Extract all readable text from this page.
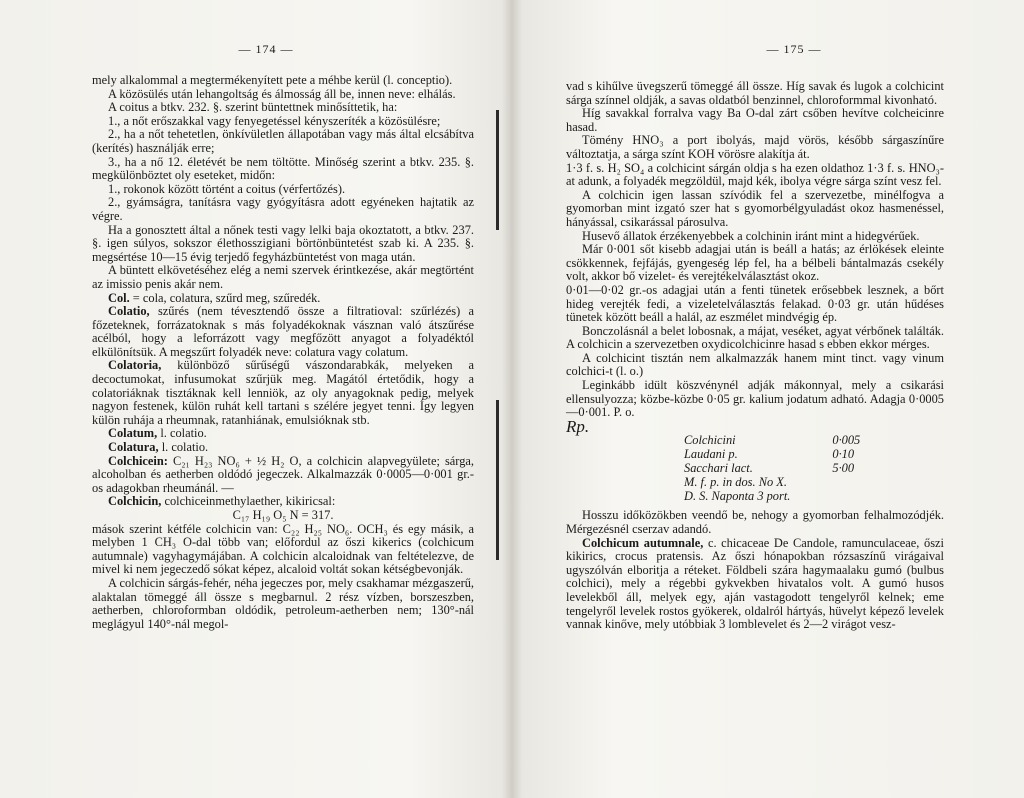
— 174 —

mely alkalommal a megtermékenyített pete a méhbe kerül (l. conceptio).

A közösülés után lehangoltság és álmosság áll be, innen neve: elhálás.

A coitus a btkv. 232. §. szerint büntettnek minősíttetik, ha:

1., a nőt erőszakkal vagy fenyegetéssel kényszeríték a közösülésre;

2., ha a nőt tehetetlen, önkívületlen állapotában vagy más által elcsábítva (kerítés) használják erre;

3., ha a nő 12. életévét be nem töltötte. Minőség szerint a btkv. 235. §. megkülönböztet oly eseteket, midőn:

1., rokonok között történt a coitus (vérfertőzés).

2., gyámságra, tanításra vagy gyógyításra adott egyéneken hajtatik az végre.

Ha a gonosztett által a nőnek testi vagy lelki baja okoztatott, a btkv. 237. §. igen súlyos, sokszor élethosszigiani börtönbüntetést szab ki. A 235. §. megsértése 10—15 évig terjedő fegyházbüntetést von maga után.

A büntett elkövetéséhez elég a nemi szervek érintkezése, akár megtörtént az imissio penis akár nem.

Col. = cola, colatura, szűrd meg, szűredék.

Colatio, szűrés (nem tévesztendő össze a filtratioval: szűrlézés) a főzeteknek, forrázatoknak s más folyadékoknak vásznan való átszűrése acélból, hogy a leforrázott vagy megfőzött anyagot a folyadéktól elkülönítsük. A megszűrt folyadék neve: colatura vagy colatum.

Colatoria, különböző sűrűségű vászondarabkák, melyeken a decoctumokat, infusumokat szűrjük meg. Magától értetődik, hogy a colatoriáknak tisztáknak kell lenniök, az oly anyagoknak pedig, melyek nagyon festenek, külön ruhát kell tartani s szélére jegyet tenni. Így legyen külön ruhája a rheumnak, ratanhiának, emulsióknak stb.

Colatum, l. colatio.

Colatura, l. colatio.

Colchicein: C₂₁ H₂₃ NO₆ + ½ H₂ O, a colchicin alapvegyülete; sárga, alcoholban és aetherben oldódó jegeczek. Alkalmazzák 0·0005—0·001 gr.-os adagokban rheumánál. —

Colchicin, colchiceinmethylaether, kikiricsal:

C₁₇ H₁₉ O₅ N = 317.

mások szerint kétféle colchicin van: C₂₂ H₂₅ NO₆. OCH₃ és egy másik, a melyben 1 CH₃ O-dal több van; előfordul az őszi kikerics (colchicum autumnale) vagyhagymájában. A colchicin alcaloidnak van feltételezve, de mivel ki nem jegeczedő sókat képez, alcaloid voltát sokan kétségbevonják.

A colchicin sárgás-fehér, néha jegeczes por, mely csakhamar mézgaszerű, alaktalan tömeggé áll össze s megbarnul. 2 rész vízben, borszeszben, aetherben, chloroformban oldódik, petroleum-aetherben nem; 130°-nál meglágyul 140°-nál megol-

— 175 —

vad s kihűlve üvegszerű tömeggé áll össze. Híg savak és lugok a colchicint sárga színnel oldják, a savas oldatból benzinnel, chloroformmal kivonható.

Híg savakkal forralva vagy Ba O-dal zárt csőben hevítve colcheicinre hasad.

Tömény HNO₃ a port ibolyás, majd vörös, később sárgaszínűre változtatja, a sárga színt KOH vörösre alakítja át.

1·3 f. s. H₂ SO₄ a colchicint sárgán oldja s ha ezen oldathoz 1·3 f. s. HNO₃-at adunk, a folyadék megzöldül, majd kék, ibolya végre sárga színt vesz fel.

A colchicin igen lassan szívódik fel a szervezetbe, minélfogva a gyomorban mint izgató szer hat s gyomorbélgyuladást okoz hasmenéssel, hányással, csikarással párosulva.

Husevő állatok érzékenyebbek a colchinin iránt mint a hidegvérűek.

Már 0·001 sőt kisebb adagjai után is beáll a hatás; az érlökések eleinte csökkennek, fejfájás, gyengeség lép fel, ha a bélbeli bántalmazás csekély volt, akkor bő vizelet- és verejtékelválasztást okoz.

0·01—0·02 gr.-os adagjai után a fenti tünetek erősebbek lesznek, a bőrt hideg verejték fedi, a vizeletelválasztás felakad. 0·03 gr. után hűdéses tünetek között beáll a halál, az eszmélet mindvégig ép.

Bonczolásnál a belet lobosnak, a májat, veséket, agyat vérbőnek találták. A colchicin a szervezetben oxydicolchicinre hasad s ebben ekkor mérges.

A colchicint tisztán nem alkalmazzák hanem mint tinct. vagy vinum colchici-t (l. o.)

Leginkább idült köszvénynél adják mákonnyal, mely a csikarási ellensulyozza; közbe-közbe 0·05 gr. kalium jodatum adható. Adagja 0·0005—0·001. P. o.

Rp.

Colchicini	0·005
Laudani p.	0·10
Sacchari lact.	5·00
M. f. p. in dos. No X.	
D. S. Naponta 3 port.	

Hosszu időközökben veendő be, nehogy a gyomorban felhalmozódjék. Mérgezésnél cserzav adandó.

Colchicum autumnale, c. chicaceae De Candole, ramunculaceae, őszi kikirics, crocus pratensis. Az őszi hónapokban rózsaszínű virágaival ugyszólván elboritja a réteket. Földbeli szára hagymaalaku gumó (bulbus colchici), mely a régebbi gykvekben hivatalos volt. A gumó husos levelekből áll, melyek egy, aján vastagodott tengelyről kelnek; eme tengelyről levelek rostos gyökerek, oldalról hártyás, hüvelyt képező levelek vannak kinőve, mely utóbbiak 3 lomblevelet és 2—2 virágot vesz-
